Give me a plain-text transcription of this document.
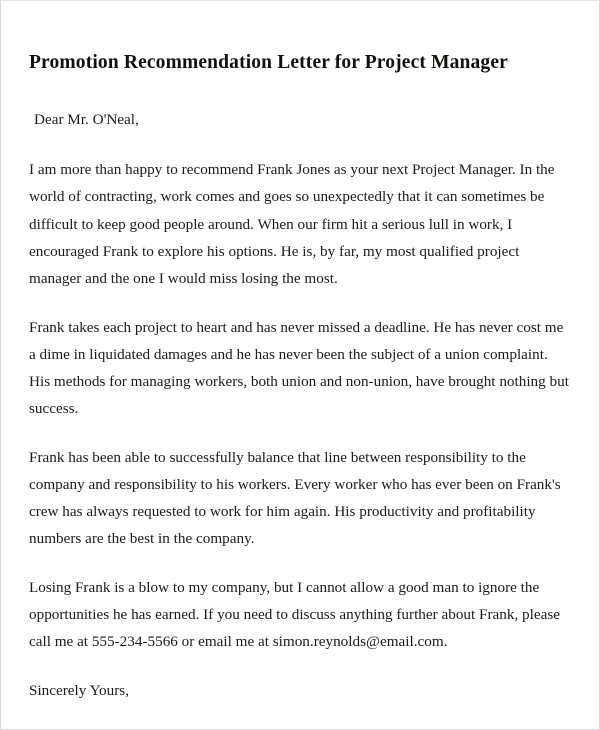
Promotion Recommendation Letter for Project Manager

Dear Mr. O'Neal,

I am more than happy to recommend Frank Jones as your next Project Manager. In the world of contracting, work comes and goes so unexpectedly that it can sometimes be difficult to keep good people around. When our firm hit a serious lull in work, I encouraged Frank to explore his options. He is, by far, my most qualified project manager and the one I would miss losing the most.

Frank takes each project to heart and has never missed a deadline. He has never cost me a dime in liquidated damages and he has never been the subject of a union complaint. His methods for managing workers, both union and non-union, have brought nothing but success.

Frank has been able to successfully balance that line between responsibility to the company and responsibility to his workers. Every worker who has ever been on Frank's crew has always requested to work for him again. His productivity and profitability numbers are the best in the company.

Losing Frank is a blow to my company, but I cannot allow a good man to ignore the opportunities he has earned. If you need to discuss anything further about Frank, please call me at 555-234-5566 or email me at simon.reynolds@email.com.

Sincerely Yours,
